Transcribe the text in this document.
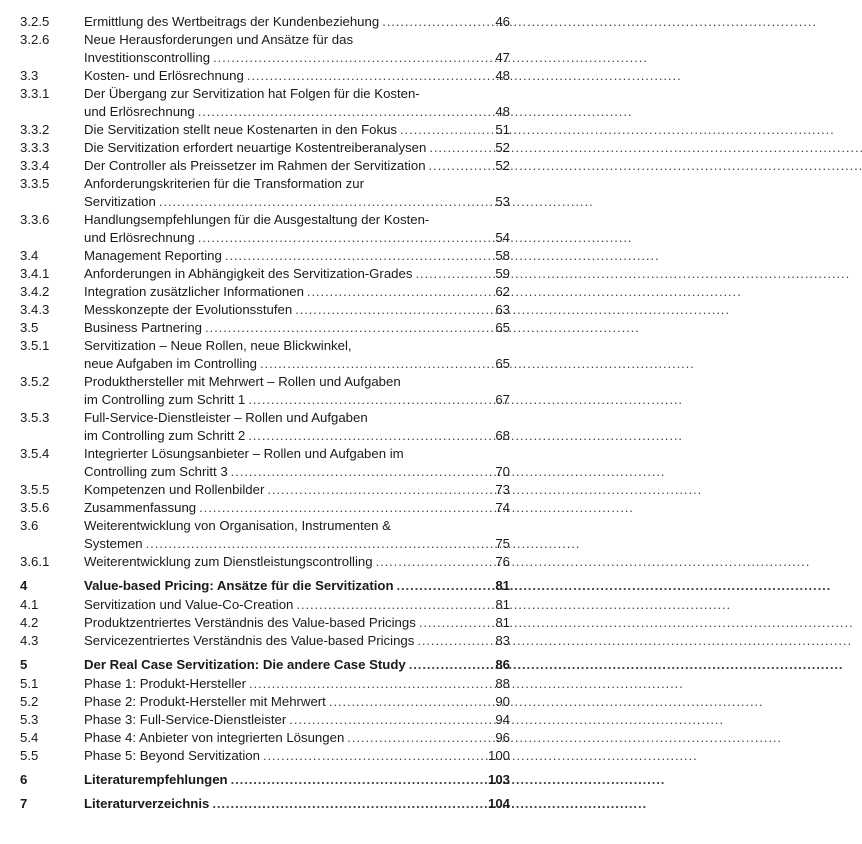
3.2.5	Ermittlung des Wertbeitrags der Kundenbeziehung . . .	46
3.2.6	Neue Herausforderungen und Ansätze für das
Investitionscontrolling . . .	47
3.3	Kosten- und Erlösrechnung . . .	48
3.3.1	Der Übergang zur Servitization hat Folgen für die Kosten-
und Erlösrechnung . . .	48
3.3.2	Die Servitization stellt neue Kostenarten in den Fokus . . .	51
3.3.3	Die Servitization erfordert neuartige Kostentreiberanalysen . . .	52
3.3.4	Der Controller als Preissetzer im Rahmen der Servitization . . .	52
3.3.5	Anforderungskriterien für die Transformation zur
Servitization . . .	53
3.3.6	Handlungsempfehlungen für die Ausgestaltung der Kosten-
und Erlösrechnung . . .	54
3.4	Management Reporting . . .	58
3.4.1	Anforderungen in Abhängigkeit des Servitization-Grades . . .	59
3.4.2	Integration zusätzlicher Informationen . . .	62
3.4.3	Messkonzepte der Evolutionsstufen . . .	63
3.5	Business Partnering . . .	65
3.5.1	Servitization – Neue Rollen, neue Blickwinkel,
neue Aufgaben im Controlling . . .	65
3.5.2	Produkthersteller mit Mehrwert – Rollen und Aufgaben
im Controlling zum Schritt 1 . . .	67
3.5.3	Full-Service-Dienstleister – Rollen und Aufgaben
im Controlling zum Schritt 2 . . .	68
3.5.4	Integrierter Lösungsanbieter – Rollen und Aufgaben im
Controlling zum Schritt 3 . . .	70
3.5.5	Kompetenzen und Rollenbilder . . .	73
3.5.6	Zusammenfassung . . .	74
3.6	Weiterentwicklung von Organisation, Instrumenten &
Systemen . . .	75
3.6.1	Weiterentwicklung zum Dienstleistungscontrolling . . .	76
4	Value-based Pricing: Ansätze für die Servitization . . .	81
4.1	Servitization und Value-Co-Creation . . .	81
4.2	Produktzentriertes Verständnis des Value-based Pricings . . .	81
4.3	Servicezentriertes Verständnis des Value-based Pricings . . .	83
5	Der Real Case Servitization: Die andere Case Study . . .	86
5.1	Phase 1: Produkt-Hersteller . . .	88
5.2	Phase 2: Produkt-Hersteller mit Mehrwert . . .	90
5.3	Phase 3: Full-Service-Dienstleister . . .	94
5.4	Phase 4: Anbieter von integrierten Lösungen . . .	96
5.5	Phase 5: Beyond Servitization . . .	100
6	Literaturempfehlungen . . .	103
7	Literaturverzeichnis . . .	104
